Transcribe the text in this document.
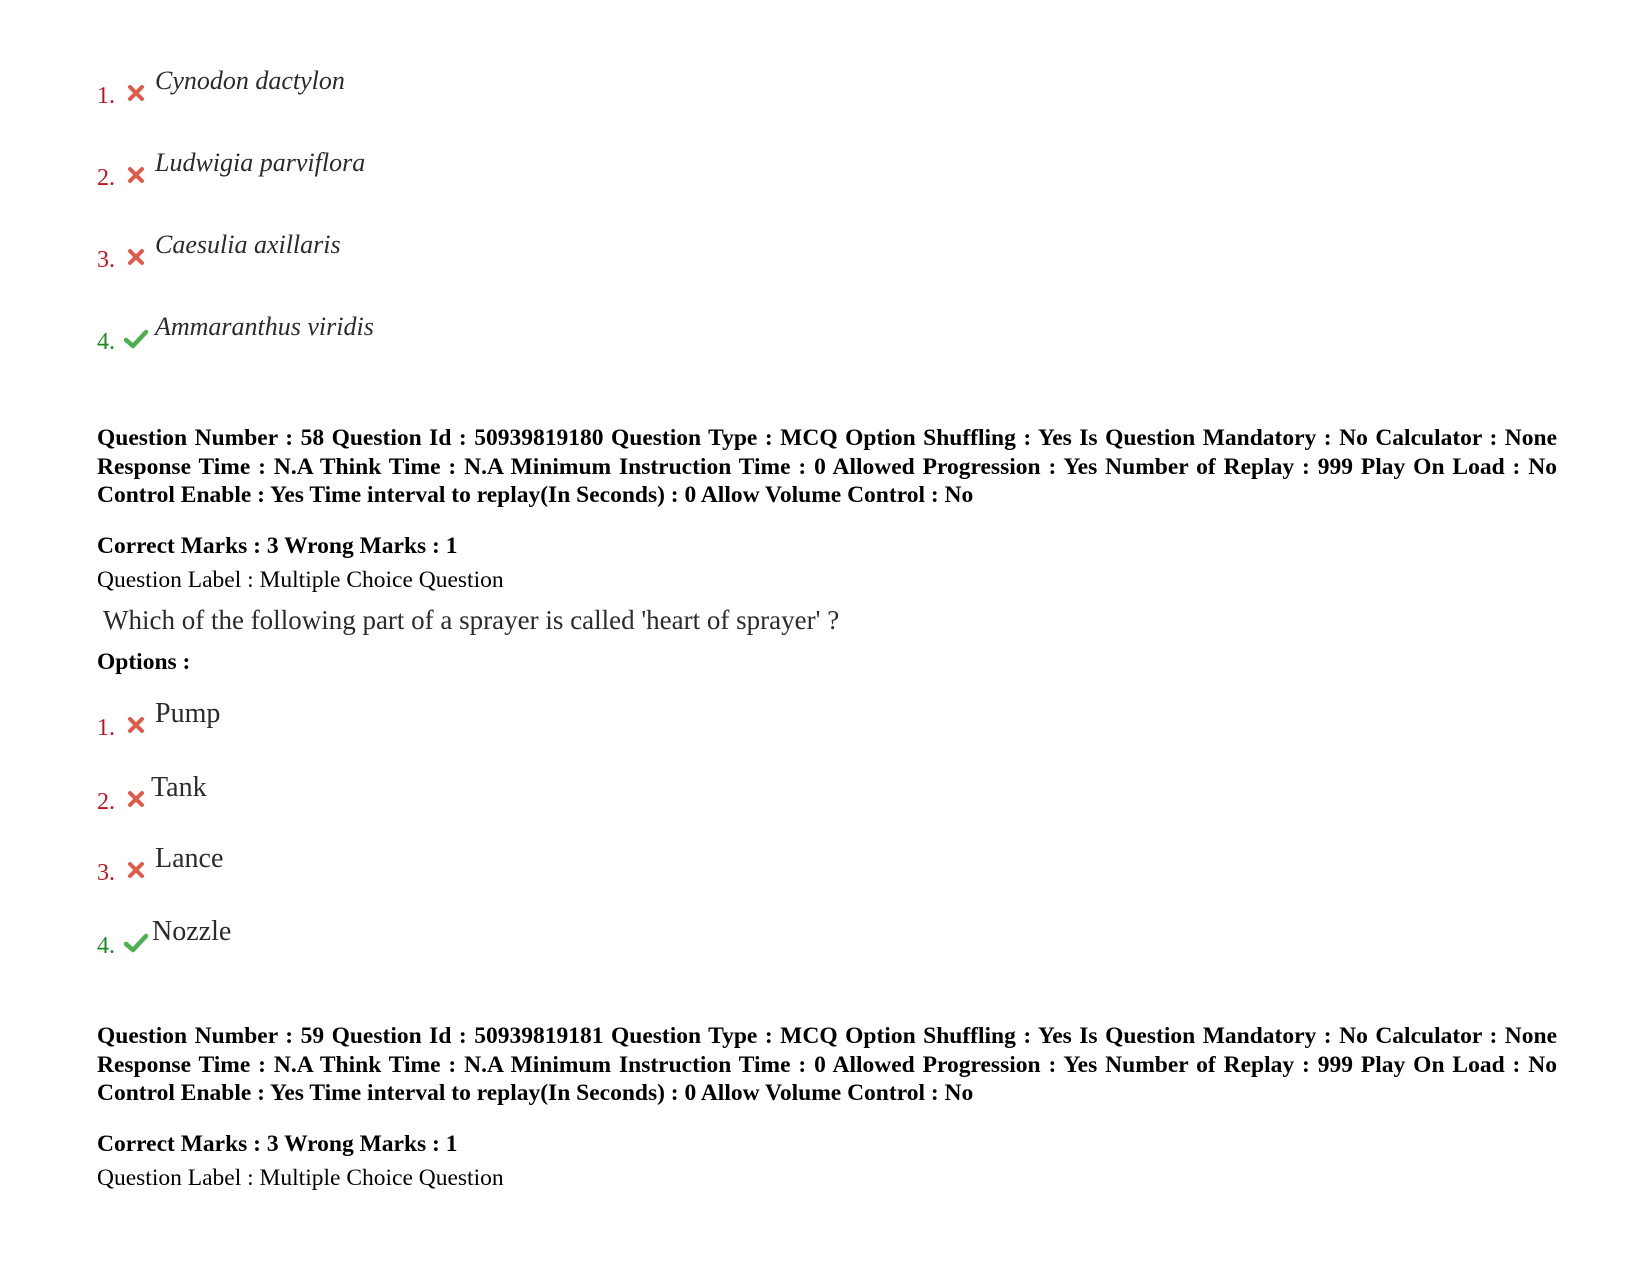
1.
Cynodon dactylon
2.
Ludwigia parviflora
3.
Caesulia axillaris
4.
Ammaranthus viridis
Question Number : 58 Question Id : 50939819180 Question Type : MCQ Option Shuffling : Yes Is Question Mandatory : No Calculator : None Response Time : N.A Think Time : N.A Minimum Instruction Time : 0 Allowed Progression : Yes Number of Replay : 999 Play On Load : No Control Enable : Yes Time interval to replay(In Seconds) : 0 Allow Volume Control : No
Correct Marks : 3 Wrong Marks : 1
Question Label : Multiple Choice Question
Which of the following part of a sprayer is called 'heart of sprayer' ?
Options :
1. Pump
2. Tank
3. Lance
4. Nozzle
Question Number : 59 Question Id : 50939819181 Question Type : MCQ Option Shuffling : Yes Is Question Mandatory : No Calculator : None Response Time : N.A Think Time : N.A Minimum Instruction Time : 0 Allowed Progression : Yes Number of Replay : 999 Play On Load : No Control Enable : Yes Time interval to replay(In Seconds) : 0 Allow Volume Control : No
Correct Marks : 3 Wrong Marks : 1
Question Label : Multiple Choice Question
